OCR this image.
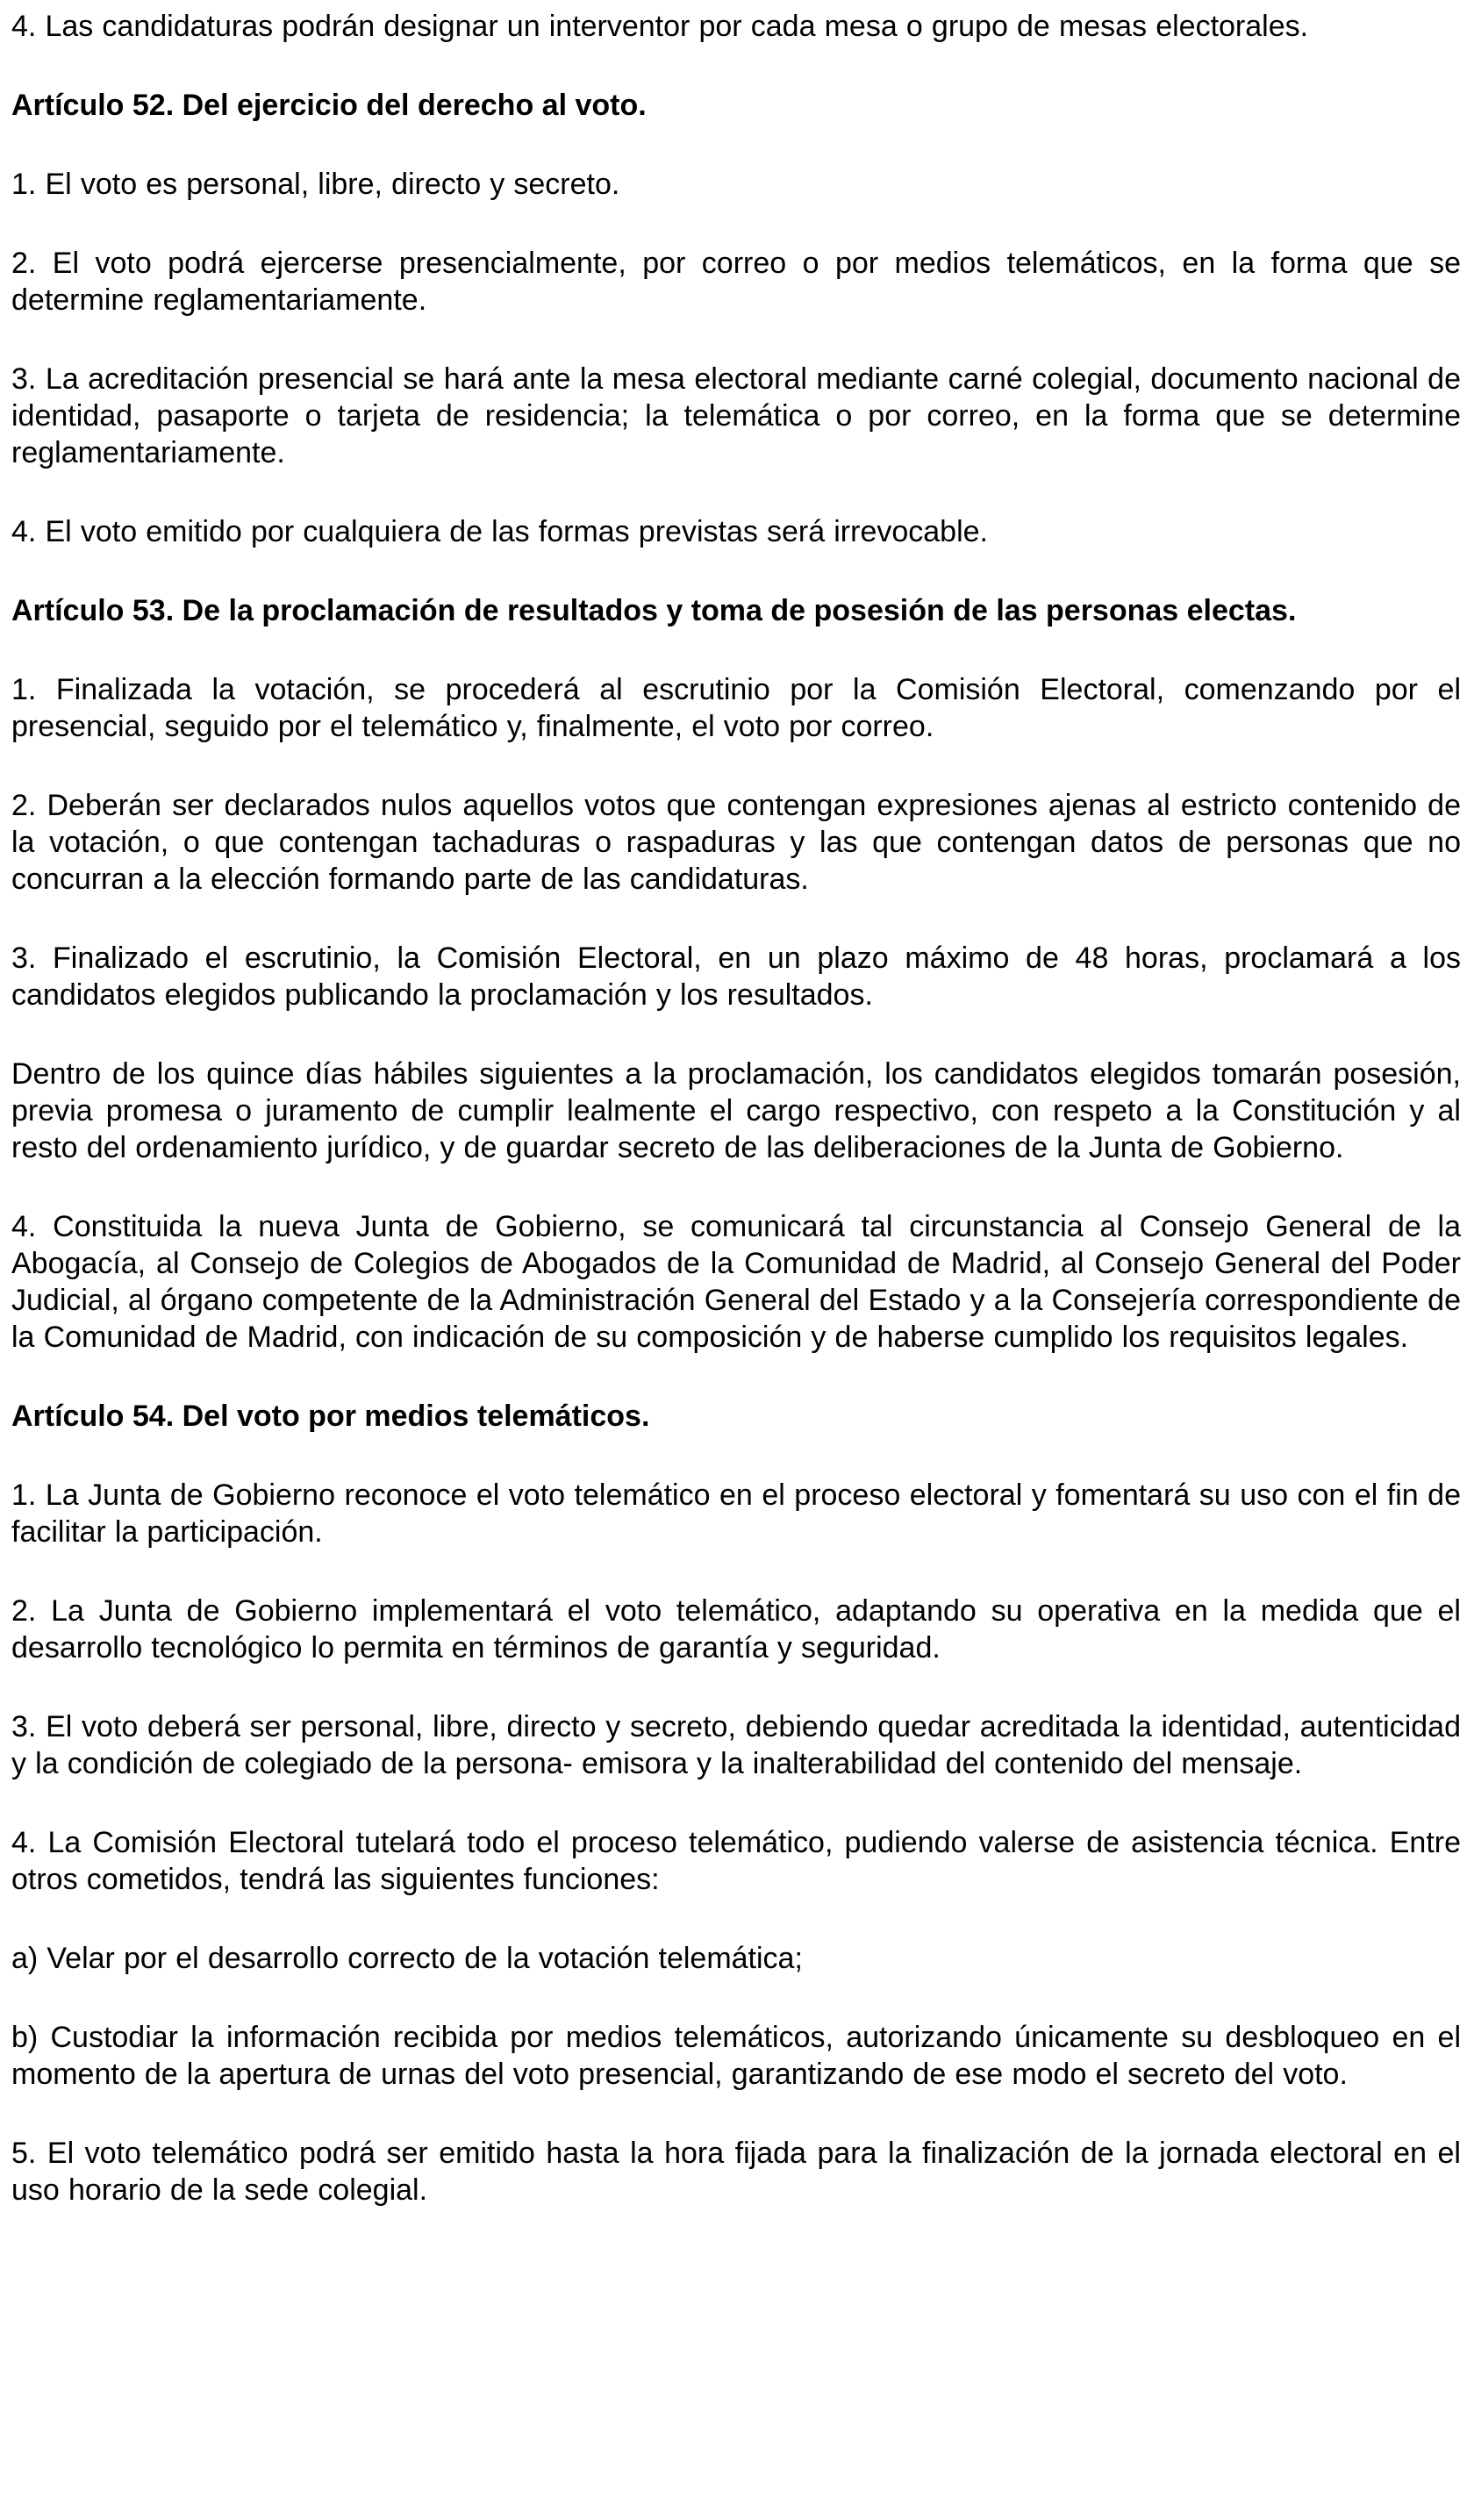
4. Las candidaturas podrán designar un interventor por cada mesa o grupo de mesas electorales.

Artículo 52. Del ejercicio del derecho al voto.

1. El voto es personal, libre, directo y secreto.

2. El voto podrá ejercerse presencialmente, por correo o por medios telemáticos, en la forma que se determine reglamentariamente.

3. La acreditación presencial se hará ante la mesa electoral mediante carné colegial, documento nacional de identidad, pasaporte o tarjeta de residencia; la telemática o por correo, en la forma que se determine reglamentariamente.

4. El voto emitido por cualquiera de las formas previstas será irrevocable.

Artículo 53. De la proclamación de resultados y toma de posesión de las personas electas.

1. Finalizada la votación, se procederá al escrutinio por la Comisión Electoral, comenzando por el presencial, seguido por el telemático y, finalmente, el voto por correo.

2. Deberán ser declarados nulos aquellos votos que contengan expresiones ajenas al estricto contenido de la votación, o que contengan tachaduras o raspaduras y las que contengan datos de personas que no concurran a la elección formando parte de las candidaturas.

3. Finalizado el escrutinio, la Comisión Electoral, en un plazo máximo de 48 horas, proclamará a los candidatos elegidos publicando la proclamación y los resultados.

Dentro de los quince días hábiles siguientes a la proclamación, los candidatos elegidos tomarán posesión, previa promesa o juramento de cumplir lealmente el cargo respectivo, con respeto a la Constitución y al resto del ordenamiento jurídico, y de guardar secreto de las deliberaciones de la Junta de Gobierno.

4. Constituida la nueva Junta de Gobierno, se comunicará tal circunstancia al Consejo General de la Abogacía, al Consejo de Colegios de Abogados de la Comunidad de Madrid, al Consejo General del Poder Judicial, al órgano competente de la Administración General del Estado y a la Consejería correspondiente de la Comunidad de Madrid, con indicación de su composición y de haberse cumplido los requisitos legales.

Artículo 54. Del voto por medios telemáticos.

1. La Junta de Gobierno reconoce el voto telemático en el proceso electoral y fomentará su uso con el fin de facilitar la participación.

2. La Junta de Gobierno implementará el voto telemático, adaptando su operativa en la medida que el desarrollo tecnológico lo permita en términos de garantía y seguridad.

3. El voto deberá ser personal, libre, directo y secreto, debiendo quedar acreditada la identidad, autenticidad y la condición de colegiado de la persona- emisora y la inalterabilidad del contenido del mensaje.

4. La Comisión Electoral tutelará todo el proceso telemático, pudiendo valerse de asistencia técnica. Entre otros cometidos, tendrá las siguientes funciones:

a) Velar por el desarrollo correcto de la votación telemática;

b) Custodiar la información recibida por medios telemáticos, autorizando únicamente su desbloqueo en el momento de la apertura de urnas del voto presencial, garantizando de ese modo el secreto del voto.

5. El voto telemático podrá ser emitido hasta la hora fijada para la finalización de la jornada electoral en el uso horario de la sede colegial.
